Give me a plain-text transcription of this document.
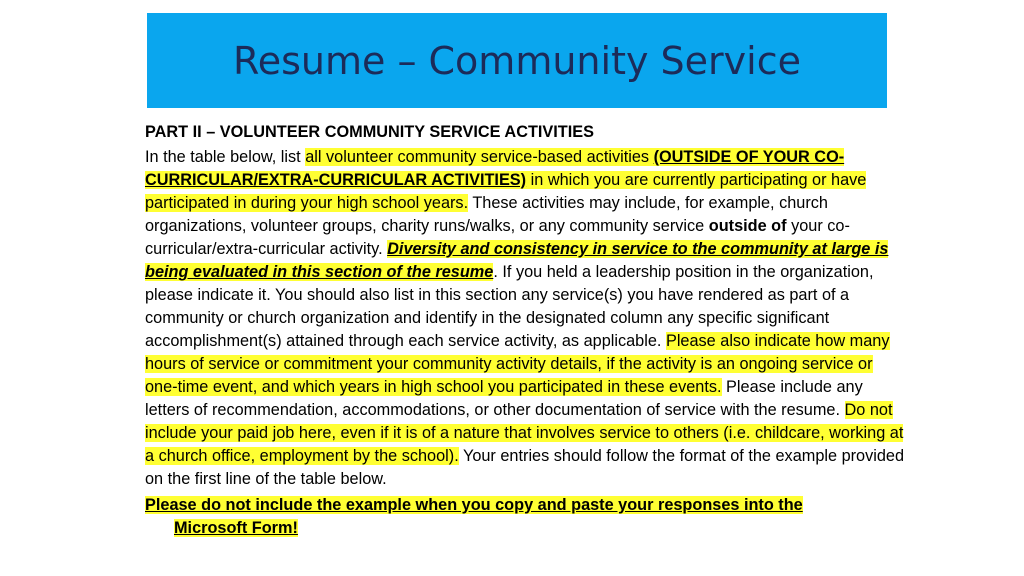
Resume – Community Service
PART II – VOLUNTEER COMMUNITY SERVICE ACTIVITIES

In the table below, list all volunteer community service-based activities (OUTSIDE OF YOUR CO-CURRICULAR/EXTRA-CURRICULAR ACTIVITIES) in which you are currently participating or have participated in during your high school years. These activities may include, for example, church organizations, volunteer groups, charity runs/walks, or any community service outside of your co-curricular/extra-curricular activity. Diversity and consistency in service to the community at large is being evaluated in this section of the resume. If you held a leadership position in the organization, please indicate it. You should also list in this section any service(s) you have rendered as part of a community or church organization and identify in the designated column any specific significant accomplishment(s) attained through each service activity, as applicable. Please also indicate how many hours of service or commitment your community activity details, if the activity is an ongoing service or one-time event, and which years in high school you participated in these events. Please include any letters of recommendation, accommodations, or other documentation of service with the resume. Do not include your paid job here, even if it is of a nature that involves service to others (i.e. childcare, working at a church office, employment by the school). Your entries should follow the format of the example provided on the first line of the table below.

Please do not include the example when you copy and paste your responses into the
Microsoft Form!
